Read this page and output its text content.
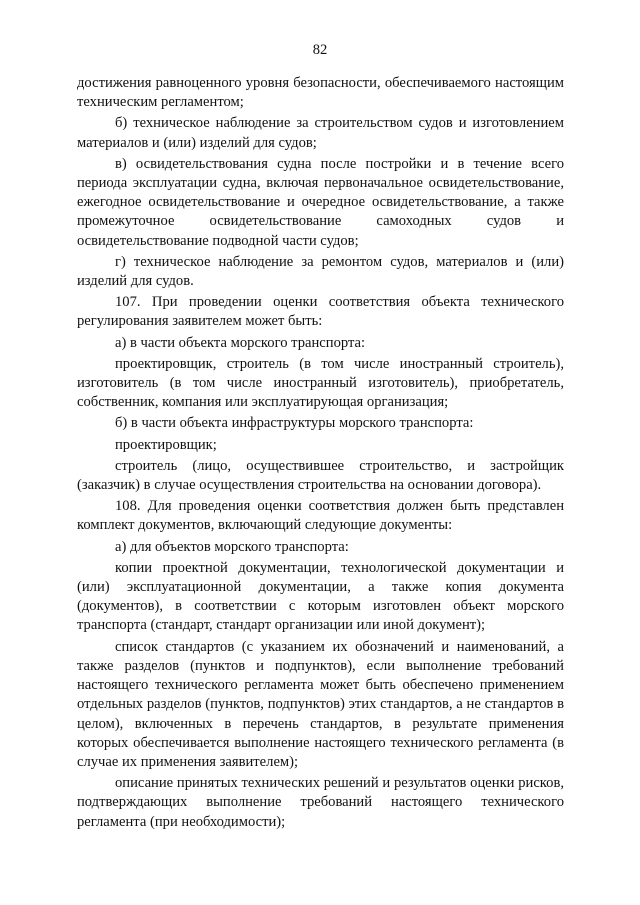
82

достижения равноценного уровня безопасности, обеспечиваемого настоящим техническим регламентом;

б) техническое наблюдение за строительством судов и изготовлением материалов и (или) изделий для судов;

в) освидетельствования судна после постройки и в течение всего периода эксплуатации судна, включая первоначальное освидетельствование, ежегодное освидетельствование и очередное освидетельствование, а также промежуточное освидетельствование самоходных судов и освидетельствование подводной части судов;

г) техническое наблюдение за ремонтом судов, материалов и (или) изделий для судов.

107. При проведении оценки соответствия объекта технического регулирования заявителем может быть:

а) в части объекта морского транспорта:

проектировщик, строитель (в том числе иностранный строитель), изготовитель (в том числе иностранный изготовитель), приобретатель, собственник, компания или эксплуатирующая организация;

б) в части объекта инфраструктуры морского транспорта:

проектировщик;

строитель (лицо, осуществившее строительство, и застройщик (заказчик) в случае осуществления строительства на основании договора).

108. Для проведения оценки соответствия должен быть представлен комплект документов, включающий следующие документы:

а) для объектов морского транспорта:

копии проектной документации, технологической документации и (или) эксплуатационной документации, а также копия документа (документов), в соответствии с которым изготовлен объект морского транспорта (стандарт, стандарт организации или иной документ);

список стандартов (с указанием их обозначений и наименований, а также разделов (пунктов и подпунктов), если выполнение требований настоящего технического регламента может быть обеспечено применением отдельных разделов (пунктов, подпунктов) этих стандартов, а не стандартов в целом), включенных в перечень стандартов, в результате применения которых обеспечивается выполнение настоящего технического регламента (в случае их применения заявителем);

описание принятых технических решений и результатов оценки рисков, подтверждающих выполнение требований настоящего технического регламента (при необходимости);
